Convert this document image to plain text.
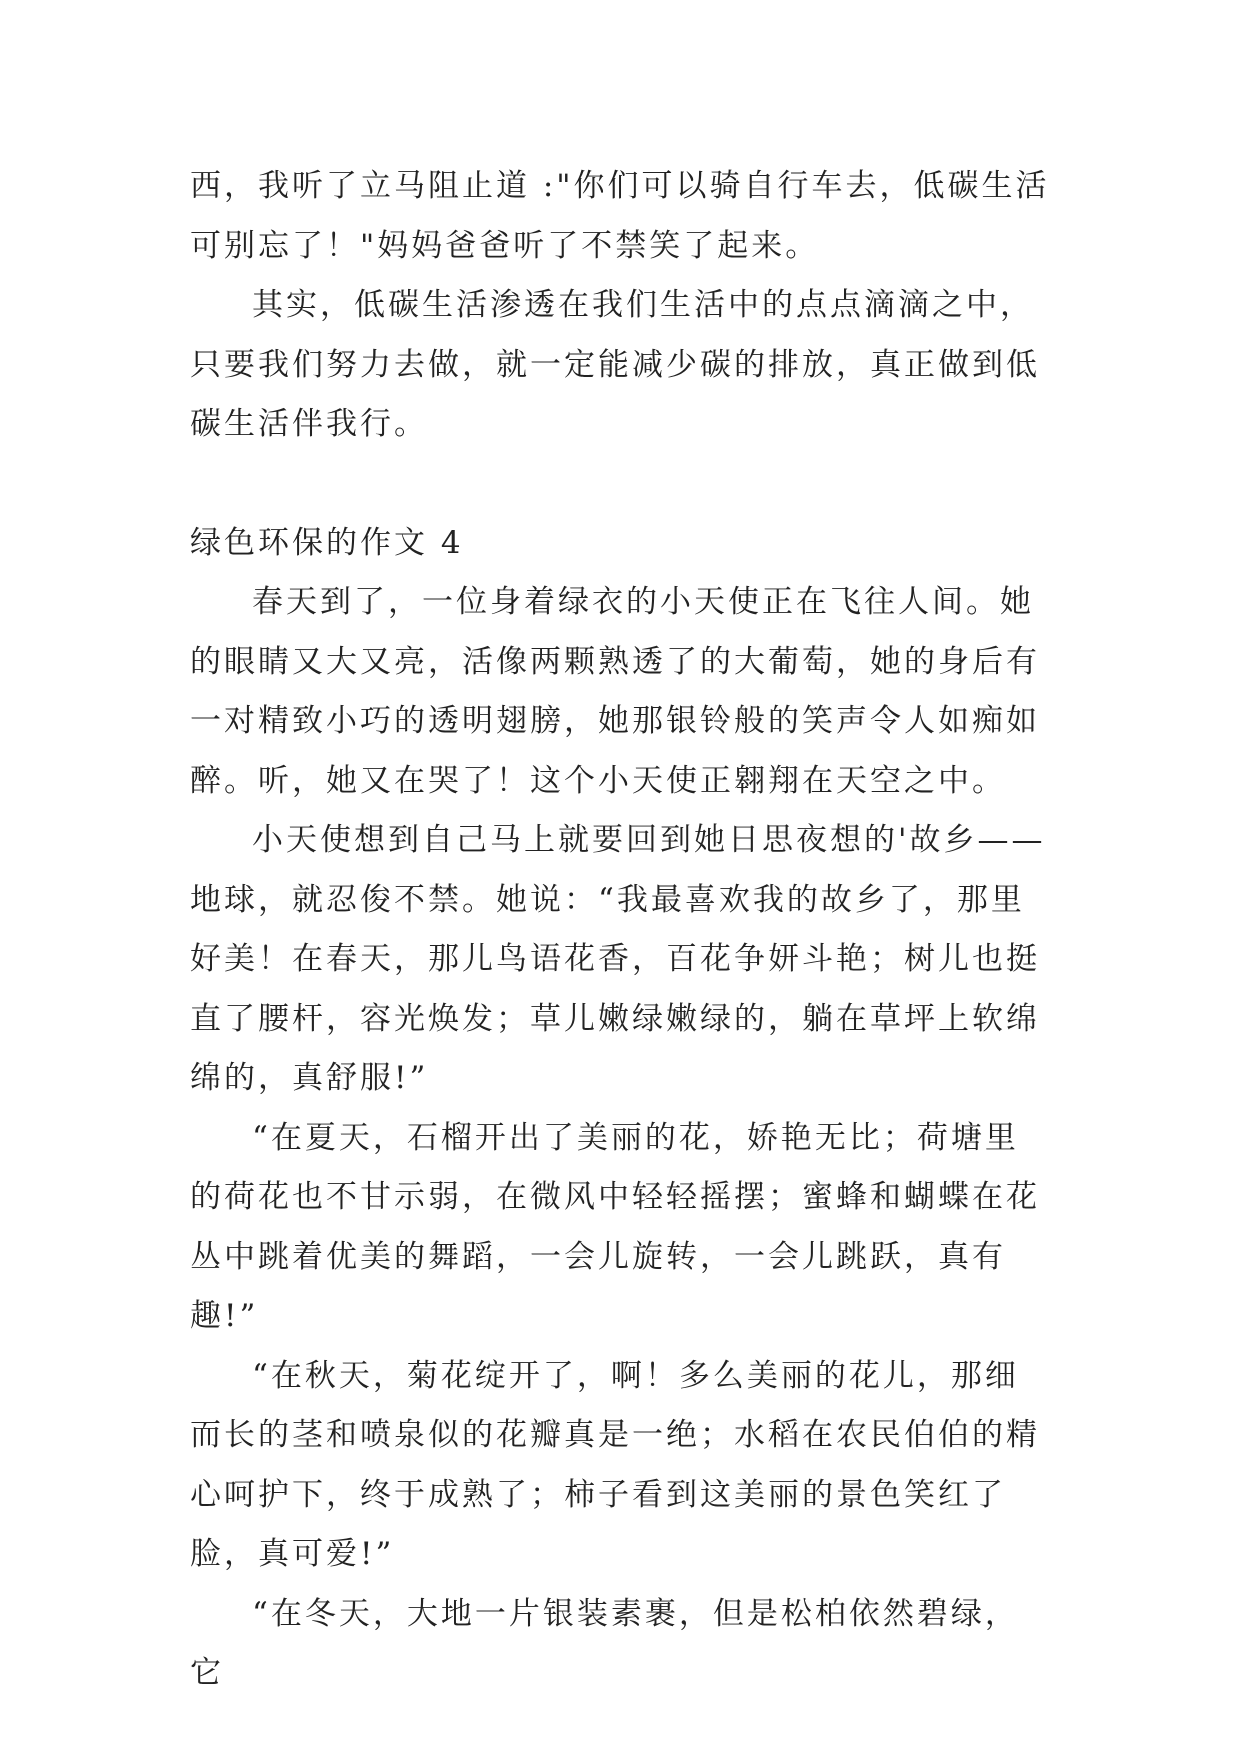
西，我听了立马阻止道 :"你们可以骑自行车去，低碳生活可别忘了！"妈妈爸爸听了不禁笑了起来。

其实，低碳生活渗透在我们生活中的点点滴滴之中，只要我们努力去做，就一定能减少碳的排放，真正做到低碳生活伴我行。

绿色环保的作文 4

春天到了，一位身着绿衣的小天使正在飞往人间。她的眼睛又大又亮，活像两颗熟透了的大葡萄，她的身后有一对精致小巧的透明翅膀，她那银铃般的笑声令人如痴如醉。听，她又在哭了！这个小天使正翱翔在天空之中。

小天使想到自己马上就要回到她日思夜想的'故乡——地球，就忍俊不禁。她说：“我最喜欢我的故乡了，那里好美！在春天，那儿鸟语花香，百花争妍斗艳；树儿也挺直了腰杆，容光焕发；草儿嫩绿嫩绿的，躺在草坪上软绵绵的，真舒服!”

“在夏天，石榴开出了美丽的花，娇艳无比；荷塘里的荷花也不甘示弱，在微风中轻轻摇摆；蜜蜂和蝴蝶在花丛中跳着优美的舞蹈，一会儿旋转，一会儿跳跃，真有趣!”

“在秋天，菊花绽开了，啊！多么美丽的花儿，那细而长的茎和喷泉似的花瓣真是一绝；水稻在农民伯伯的精心呵护下，终于成熟了；柿子看到这美丽的景色笑红了脸，真可爱!”

“在冬天，大地一片银装素裹，但是松柏依然碧绿，它
